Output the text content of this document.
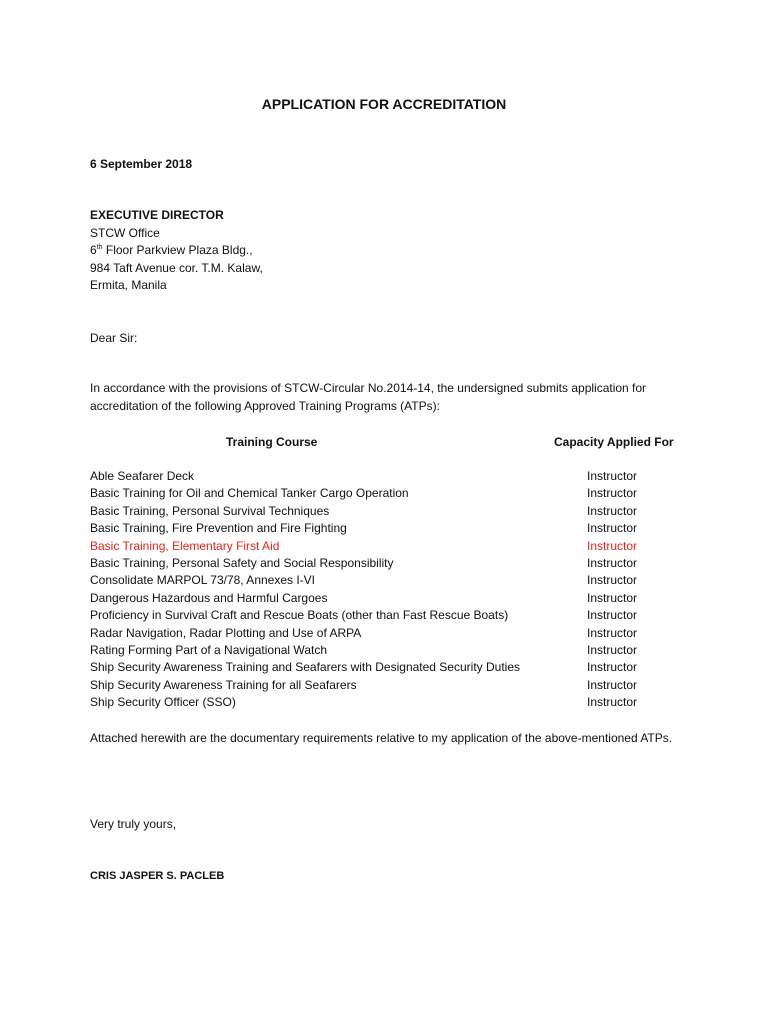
APPLICATION FOR ACCREDITATION
6 September 2018
EXECUTIVE DIRECTOR
STCW Office
6th Floor Parkview Plaza Bldg.,
984 Taft Avenue cor. T.M. Kalaw,
Ermita, Manila
Dear Sir:
In accordance with the provisions of STCW-Circular No.2014-14, the undersigned submits application for accreditation of the following Approved Training Programs (ATPs):
Training Course	Capacity Applied For
Able Seafarer Deck	Instructor
Basic Training for Oil and Chemical Tanker Cargo Operation	Instructor
Basic Training, Personal Survival Techniques	Instructor
Basic Training, Fire Prevention and Fire Fighting	Instructor
Basic Training, Elementary First Aid	Instructor
Basic Training, Personal Safety and Social Responsibility	Instructor
Consolidate MARPOL 73/78, Annexes I-VI	Instructor
Dangerous Hazardous and Harmful Cargoes	Instructor
Proficiency in Survival Craft and Rescue Boats (other than Fast Rescue Boats)	Instructor
Radar Navigation, Radar Plotting and Use of ARPA	Instructor
Rating Forming Part of a Navigational Watch	Instructor
Ship Security Awareness Training and Seafarers with Designated Security Duties	Instructor
Ship Security Awareness Training for all Seafarers	Instructor
Ship Security Officer (SSO)	Instructor
Attached herewith are the documentary requirements relative to my application of the above-mentioned ATPs.
Very truly yours,
CRIS JASPER S. PACLEB
